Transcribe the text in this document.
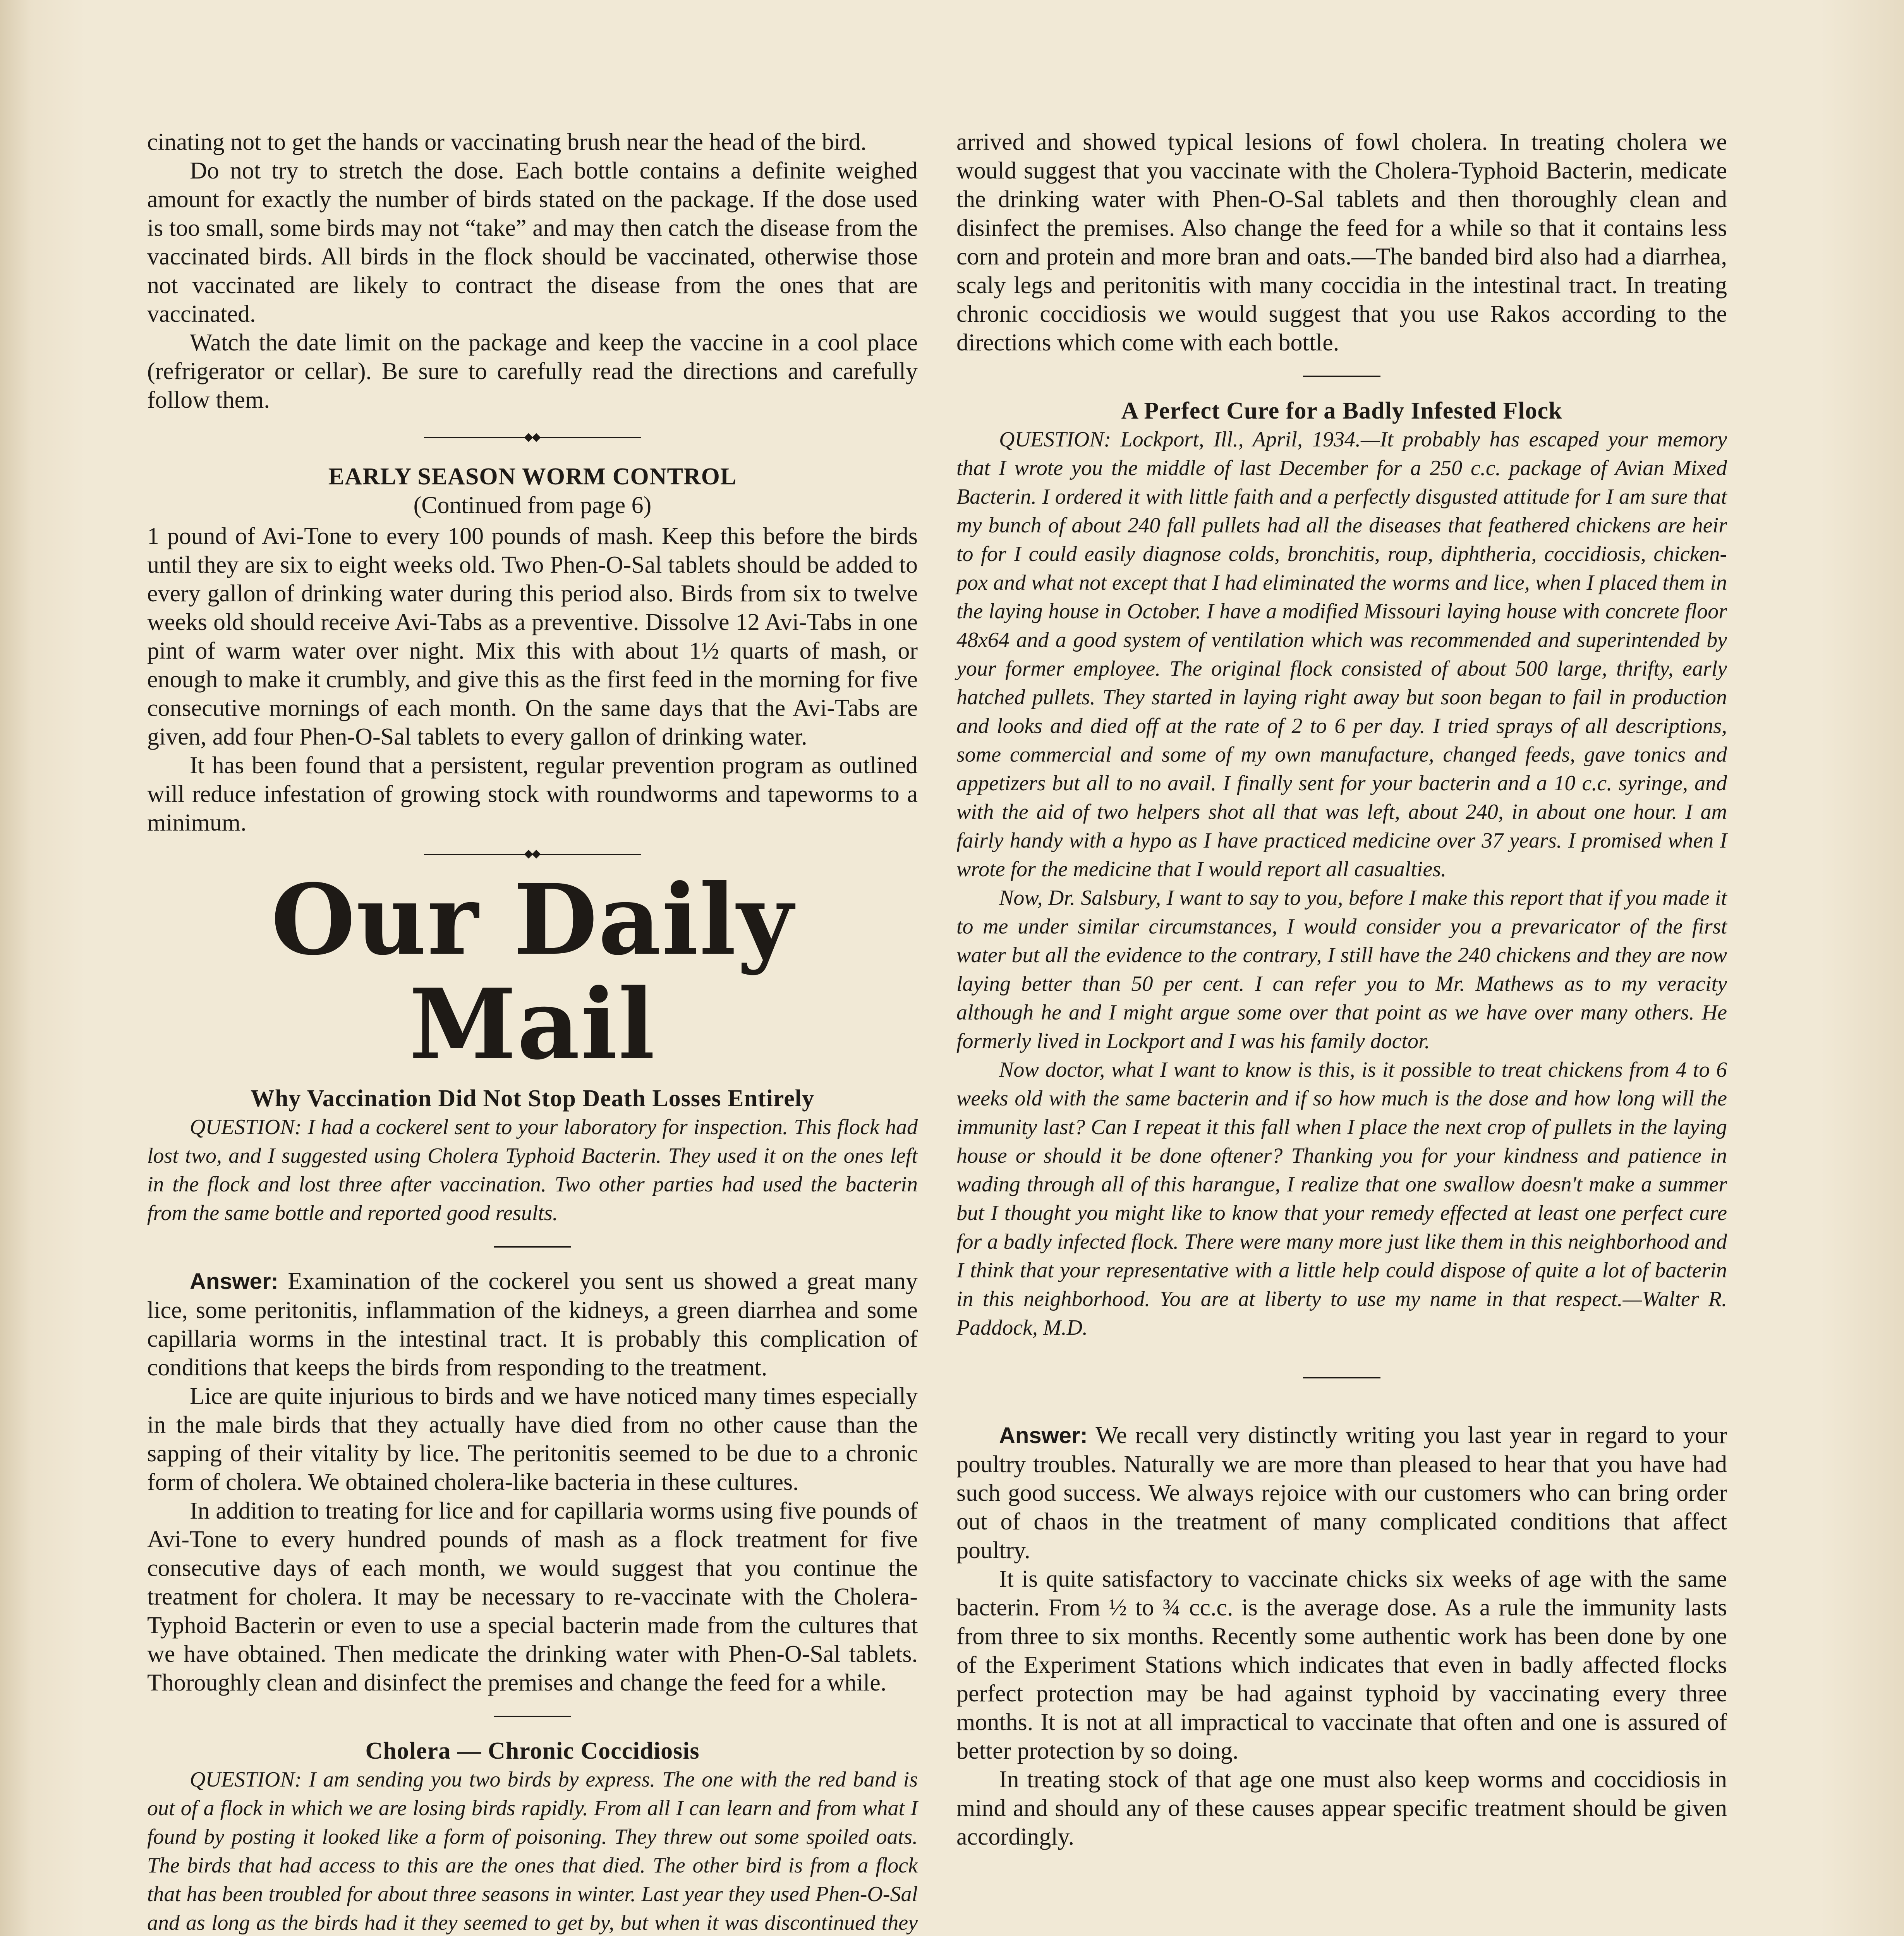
cinating not to get the hands or vaccinating brush near the head of the bird.

Do not try to stretch the dose. Each bottle contains a definite weighed amount for exactly the number of birds stated on the package. If the dose used is too small, some birds may not “take” and may then catch the disease from the vaccinated birds. All birds in the flock should be vaccinated, otherwise those not vaccinated are likely to contract the disease from the ones that are vaccinated.

Watch the date limit on the package and keep the vaccine in a cool place (refrigerator or cellar). Be sure to carefully read the directions and carefully follow them.

EARLY SEASON WORM CONTROL
(Continued from page 6)

1 pound of Avi-Tone to every 100 pounds of mash. Keep this before the birds until they are six to eight weeks old. Two Phen-O-Sal tablets should be added to every gallon of drinking water during this period also. Birds from six to twelve weeks old should receive Avi-Tabs as a preventive. Dissolve 12 Avi-Tabs in one pint of warm water over night. Mix this with about 1½ quarts of mash, or enough to make it crumbly, and give this as the first feed in the morning for five consecutive mornings of each month. On the same days that the Avi-Tabs are given, add four Phen-O-Sal tablets to every gallon of drinking water.

It has been found that a persistent, regular prevention program as outlined will reduce infestation of growing stock with roundworms and tapeworms to a minimum.

Our Daily Mail
Why Vaccination Did Not Stop Death Losses Entirely

QUESTION: I had a cockerel sent to your laboratory for inspection. This flock had lost two, and I suggested using Cholera Typhoid Bacterin. They used it on the ones left in the flock and lost three after vaccination. Two other parties had used the bacterin from the same bottle and reported good results.

Answer: Examination of the cockerel you sent us showed a great many lice, some peritonitis, inflammation of the kidneys, a green diarrhea and some capillaria worms in the intestinal tract. It is probably this complication of conditions that keeps the birds from responding to the treatment.

Lice are quite injurious to birds and we have noticed many times especially in the male birds that they actually have died from no other cause than the sapping of their vitality by lice. The peritonitis seemed to be due to a chronic form of cholera. We obtained cholera-like bacteria in these cultures.

In addition to treating for lice and for capillaria worms using five pounds of Avi-Tone to every hundred pounds of mash as a flock treatment for five consecutive days of each month, we would suggest that you continue the treatment for cholera. It may be necessary to re-vaccinate with the Cholera-Typhoid Bacterin or even to use a special bacterin made from the cultures that we have obtained. Then medicate the drinking water with Phen-O-Sal tablets. Thoroughly clean and disinfect the premises and change the feed for a while.

Cholera — Chronic Coccidiosis

QUESTION: I am sending you two birds by express. The one with the red band is out of a flock in which we are losing birds rapidly. From all I can learn and from what I found by posting it looked like a form of poisoning. They threw out some spoiled oats. The birds that had access to this are the ones that died. The other bird is from a flock that has been troubled for about three seasons in winter. Last year they used Phen-O-Sal and as long as the birds had it they seemed to get by, but when it was discontinued they

arrived and showed typical lesions of fowl cholera. In treating cholera we would suggest that you vaccinate with the Cholera-Typhoid Bacterin, medicate the drinking water with Phen-O-Sal tablets and then thoroughly clean and disinfect the premises. Also change the feed for a while so that it contains less corn and protein and more bran and oats.—The banded bird also had a diarrhea, scaly legs and peritonitis with many coccidia in the intestinal tract. In treating chronic coccidiosis we would suggest that you use Rakos according to the directions which come with each bottle.

A Perfect Cure for a Badly Infested Flock

QUESTION: Lockport, Ill., April, 1934.—It probably has escaped your memory that I wrote you the middle of last December for a 250 c.c. package of Avian Mixed Bacterin. I ordered it with little faith and a perfectly disgusted attitude for I am sure that my bunch of about 240 fall pullets had all the diseases that feathered chickens are heir to for I could easily diagnose colds, bronchitis, roup, diphtheria, coccidiosis, chicken-pox and what not except that I had eliminated the worms and lice, when I placed them in the laying house in October. I have a modified Missouri laying house with concrete floor 48x64 and a good system of ventilation which was recommended and superintended by your former employee. The original flock consisted of about 500 large, thrifty, early hatched pullets. They started in laying right away but soon began to fail in production and looks and died off at the rate of 2 to 6 per day. I tried sprays of all descriptions, some commercial and some of my own manufacture, changed feeds, gave tonics and appetizers but all to no avail. I finally sent for your bacterin and a 10 c.c. syringe, and with the aid of two helpers shot all that was left, about 240, in about one hour. I am fairly handy with a hypo as I have practiced medicine over 37 years. I promised when I wrote for the medicine that I would report all casualties.

Now, Dr. Salsbury, I want to say to you, before I make this report that if you made it to me under similar circumstances, I would consider you a prevaricator of the first water but all the evidence to the contrary, I still have the 240 chickens and they are now laying better than 50 per cent. I can refer you to Mr. Mathews as to my veracity although he and I might argue some over that point as we have over many others. He formerly lived in Lockport and I was his family doctor.

Now doctor, what I want to know is this, is it possible to treat chickens from 4 to 6 weeks old with the same bacterin and if so how much is the dose and how long will the immunity last? Can I repeat it this fall when I place the next crop of pullets in the laying house or should it be done oftener? Thanking you for your kindness and patience in wading through all of this harangue, I realize that one swallow doesn't make a summer but I thought you might like to know that your remedy effected at least one perfect cure for a badly infected flock. There were many more just like them in this neighborhood and I think that your representative with a little help could dispose of quite a lot of bacterin in this neighborhood. You are at liberty to use my name in that respect.—Walter R. Paddock, M.D.

Answer: We recall very distinctly writing you last year in regard to your poultry troubles. Naturally we are more than pleased to hear that you have had such good success. We always rejoice with our customers who can bring order out of chaos in the treatment of many complicated conditions that affect poultry.

It is quite satisfactory to vaccinate chicks six weeks of age with the same bacterin. From ½ to ¾ cc.c. is the average dose. As a rule the immunity lasts from three to six months. Recently some authentic work has been done by one of the Experiment Stations which indicates that even in badly affected flocks perfect protection may be had against typhoid by vaccinating every three months. It is not at all impractical to vaccinate that often and one is assured of better protection by so doing.

In treating stock of that age one must also keep worms and coccidiosis in mind and should any of these causes appear specific treatment should be given accordingly.
